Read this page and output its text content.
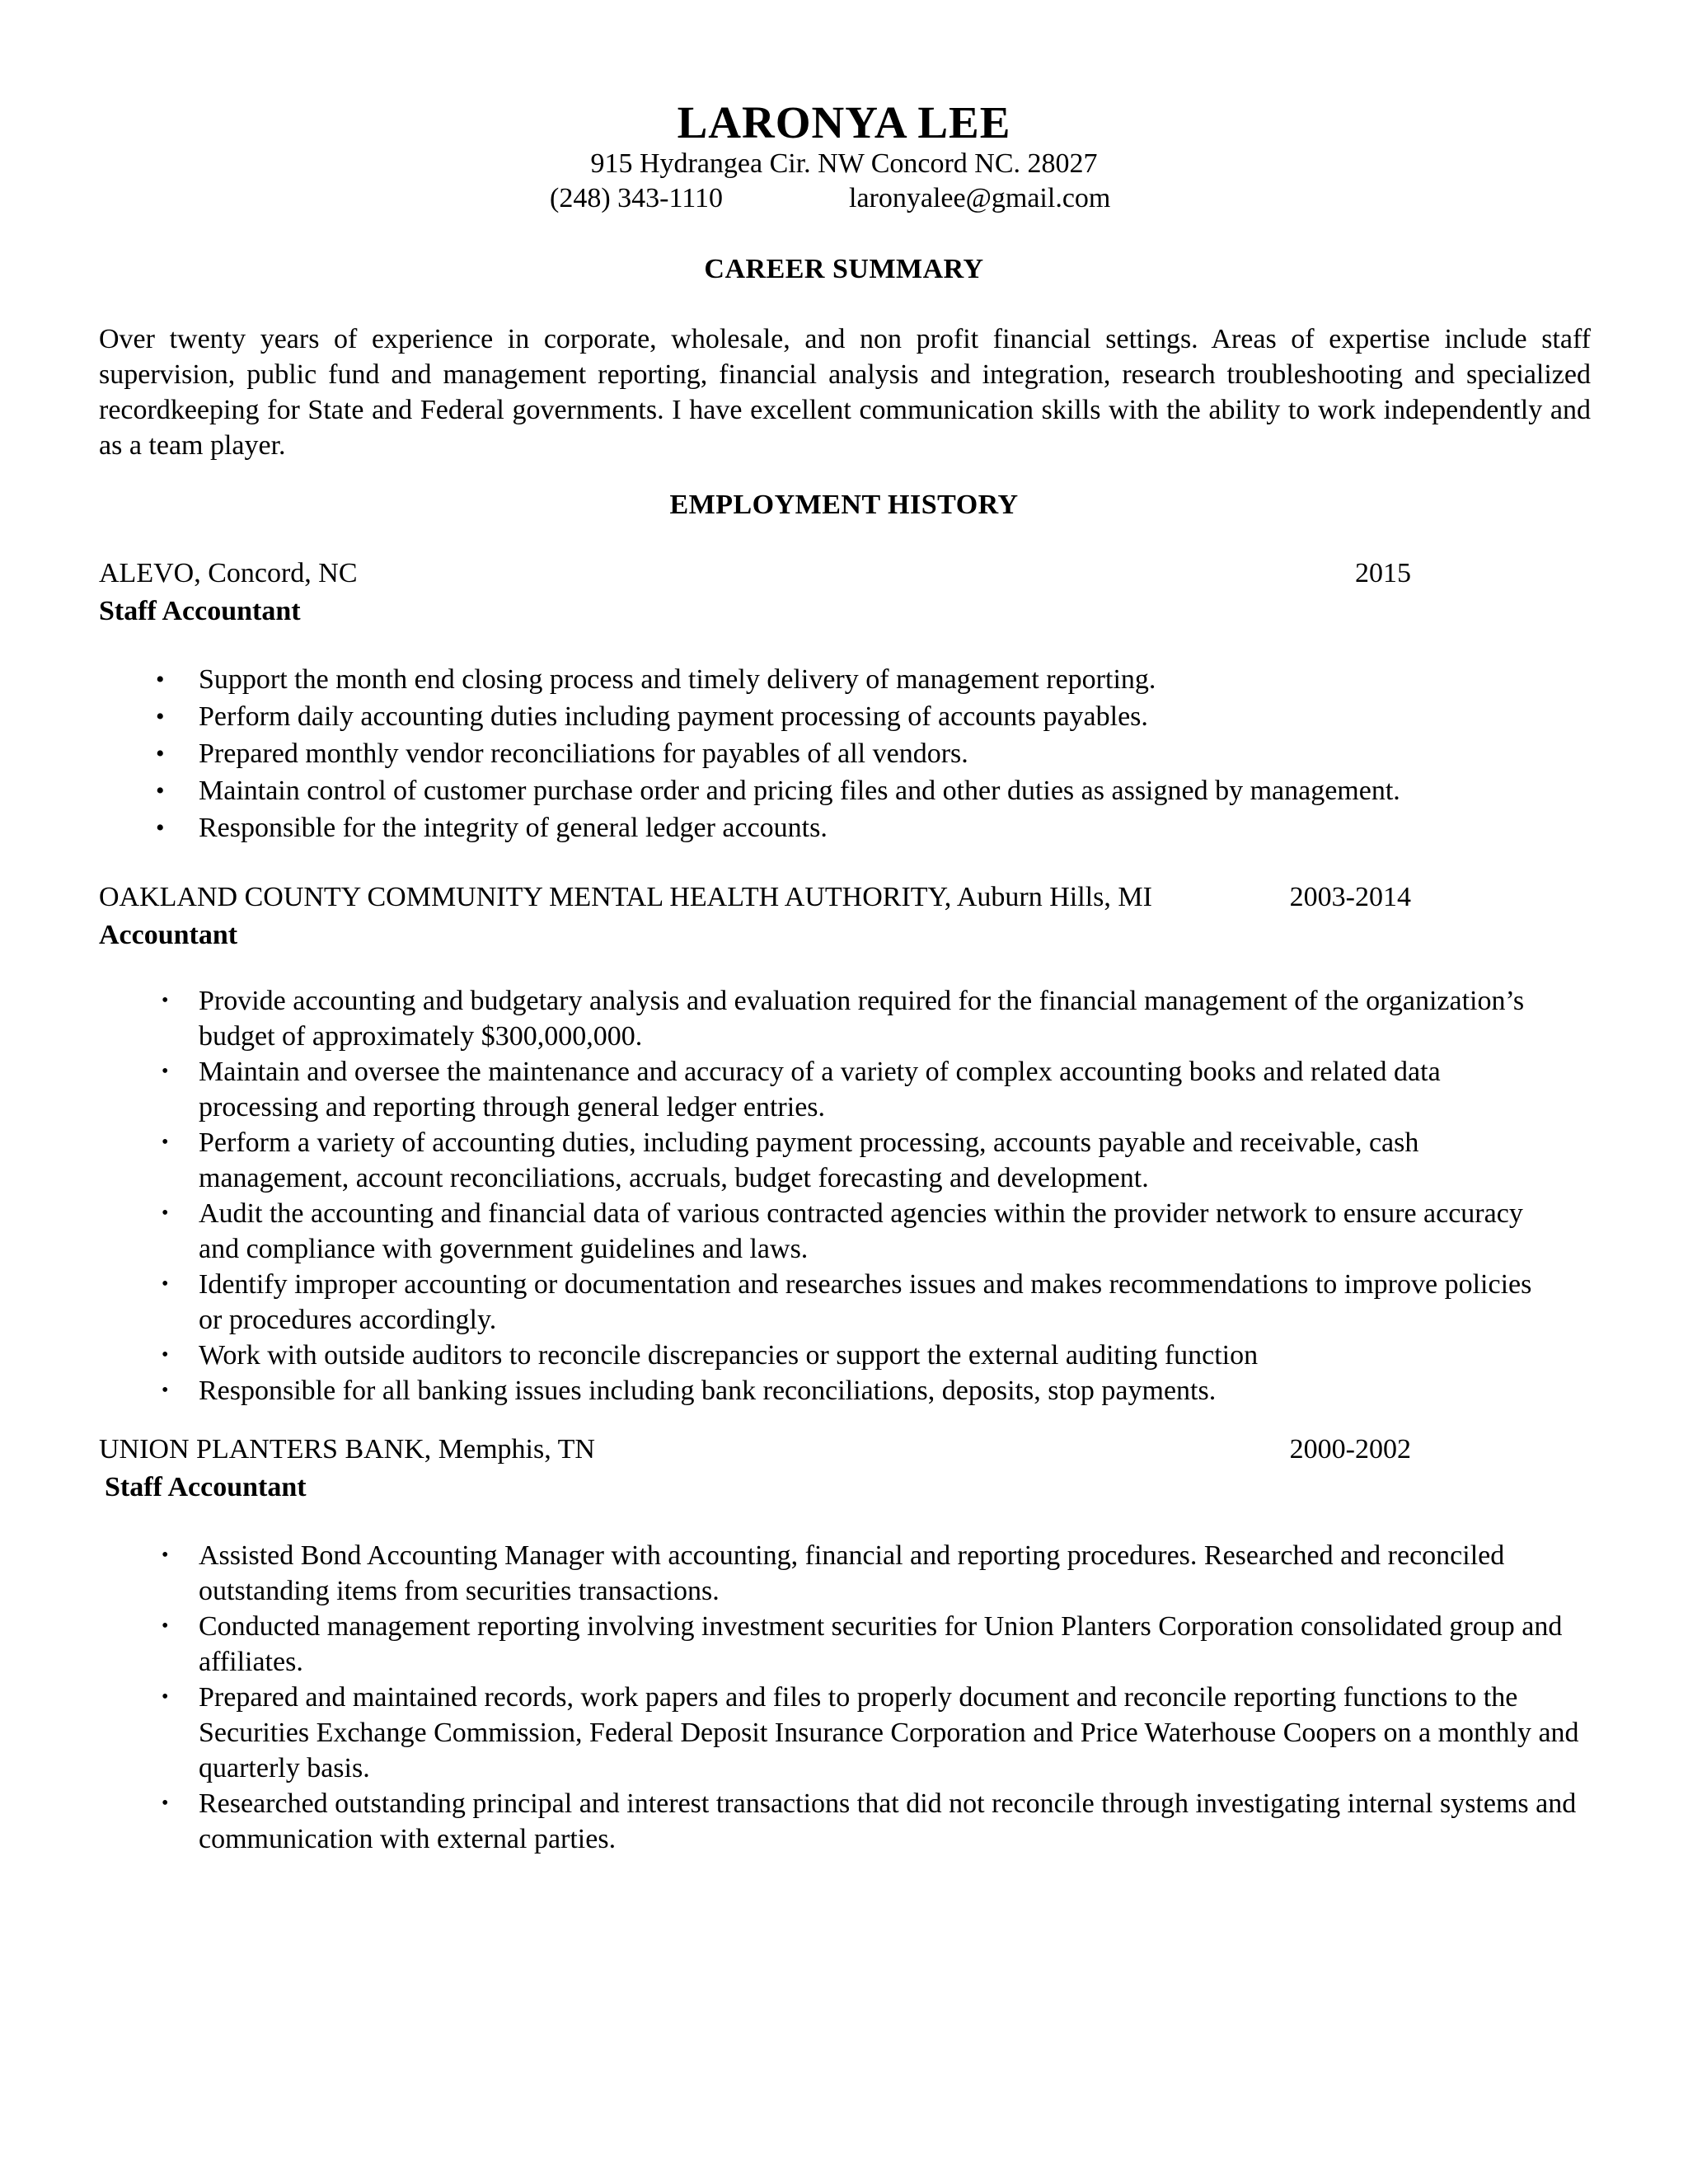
LARONYA LEE
915 Hydrangea Cir. NW Concord NC. 28027
(248) 343-1110	laronyalee@gmail.com
CAREER SUMMARY
Over twenty years of experience in corporate, wholesale, and non profit financial settings. Areas of expertise include staff supervision, public fund and management reporting, financial analysis and integration, research troubleshooting and specialized recordkeeping for State and Federal governments. I have excellent communication skills with the ability to work independently and as a team player.
EMPLOYMENT HISTORY
ALEVO, Concord, NC	2015
Staff Accountant
• Support the month end closing process and timely delivery of management reporting.
• Perform daily accounting duties including payment processing of accounts payables.
• Prepared monthly vendor reconciliations for payables of all vendors.
• Maintain control of customer purchase order and pricing files and other duties as assigned by management.
• Responsible for the integrity of general ledger accounts.
OAKLAND COUNTY COMMUNITY MENTAL HEALTH AUTHORITY, Auburn Hills, MI	2003-2014
Accountant
• Provide accounting and budgetary analysis and evaluation required for the financial management of the organization’s budget of approximately $300,000,000.
• Maintain and oversee the maintenance and accuracy of a variety of complex accounting books and related data processing and reporting through general ledger entries.
• Perform a variety of accounting duties, including payment processing, accounts payable and receivable, cash management, account reconciliations, accruals, budget forecasting and development.
• Audit the accounting and financial data of various contracted agencies within the provider network to ensure accuracy and compliance with government guidelines and laws.
• Identify improper accounting or documentation and researches issues and makes recommendations to improve policies or procedures accordingly.
• Work with outside auditors to reconcile discrepancies or support the external auditing function
• Responsible for all banking issues including bank reconciliations, deposits, stop payments.
UNION PLANTERS BANK, Memphis, TN	2000-2002
Staff Accountant
• Assisted Bond Accounting Manager with accounting, financial and reporting procedures. Researched and reconciled outstanding items from securities transactions.
• Conducted management reporting involving investment securities for Union Planters Corporation consolidated group and affiliates.
• Prepared and maintained records, work papers and files to properly document and reconcile reporting functions to the Securities Exchange Commission, Federal Deposit Insurance Corporation and Price Waterhouse Coopers on a monthly and quarterly basis.
• Researched outstanding principal and interest transactions that did not reconcile through investigating internal systems and communication with external parties.
